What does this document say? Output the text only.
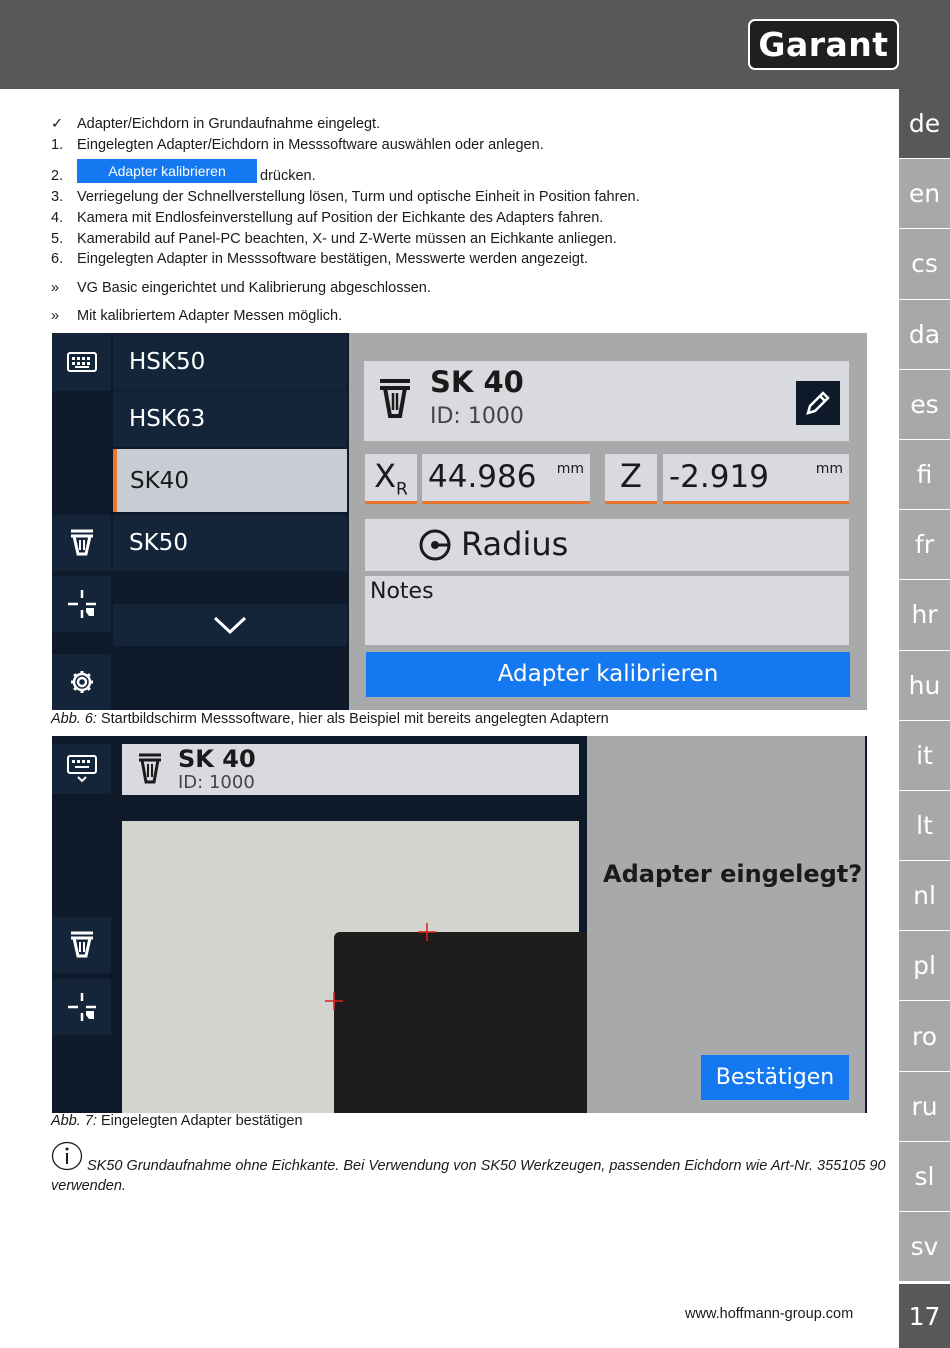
Garant
de
en
cs
da
es
fi
fr
hr
hu
it
lt
nl
pl
ro
ru
sl
sv
17
✓ Adapter/Eichdorn in Grundaufnahme eingelegt.
1. Eingelegten Adapter/Eichdorn in Messsoftware auswählen oder anlegen.
2.	drücken.
Adapter kalibrieren
3. Verriegelung der Schnellverstellung lösen, Turm und optische Einheit in Position fahren.
4. Kamera mit Endlosfeinverstellung auf Position der Eichkante des Adapters fahren.
5. Kamerabild auf Panel-PC beachten, X- und Z-Werte müssen an Eichkante anliegen.
6. Eingelegten Adapter in Messsoftware bestätigen, Messwerte werden angezeigt.
» VG Basic eingerichtet und Kalibrierung abgeschlossen.
» Mit kalibriertem Adapter Messen möglich.
HSK50
HSK63
SK40
SK50
SK 40
ID: 1000
$X_R$ 44.986 mm	Z -2.919	mm
Radius
Notes
Adapter kalibrieren
Abb. 6: Startbildschirm Messsoftware, hier als Beispiel mit bereits angelegten Adaptern
SK 40
ID: 1000
Adapter eingelegt?
Bestätigen
Abb. 7: Eingelegten Adapter bestätigen
SK50 Grundaufnahme ohne Eichkante. Bei Verwendung von SK50 Werkzeugen, passenden Eichdorn wie Art-Nr. 355105 90
verwenden.
www.hoffmann-group.com
